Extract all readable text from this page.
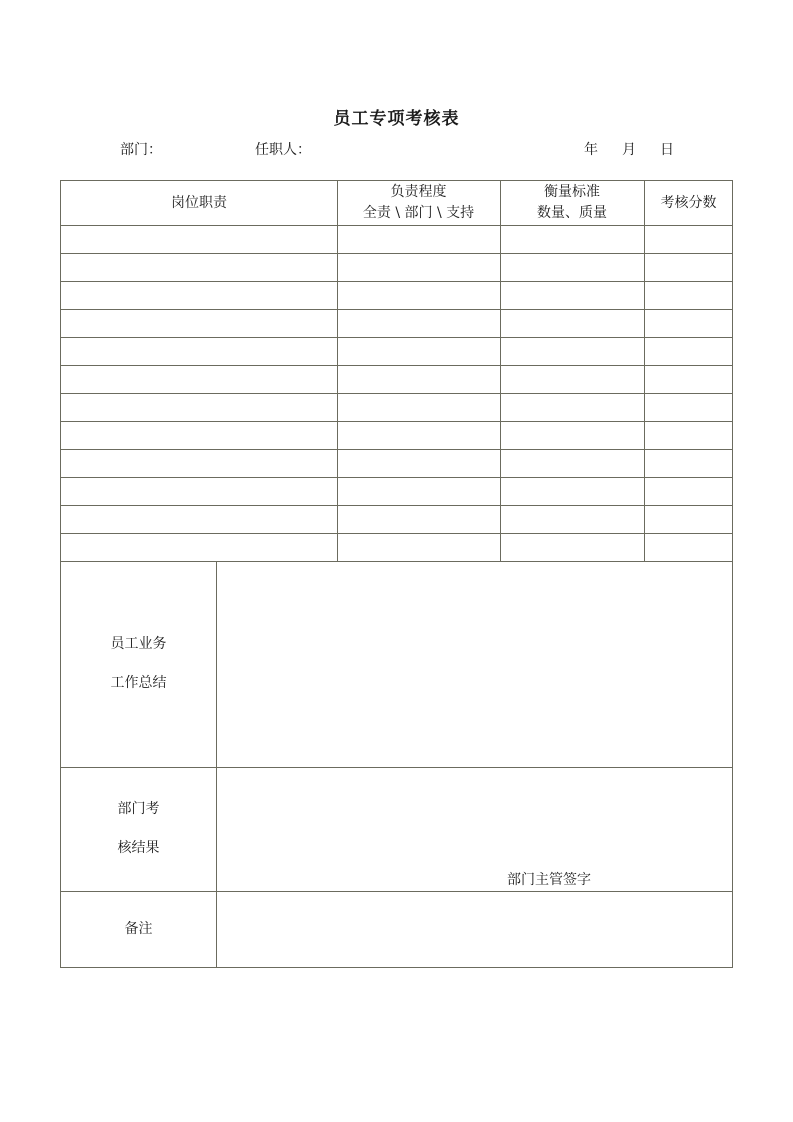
员工专项考核表
部门：	任职人：	年 月 日
岗位职责
负责程度
全责 \ 部门 \ 支持
衡量标准
数量、质量
考核分数
员工业务
工作总结
部门考
核结果
部门主管签字
备注
